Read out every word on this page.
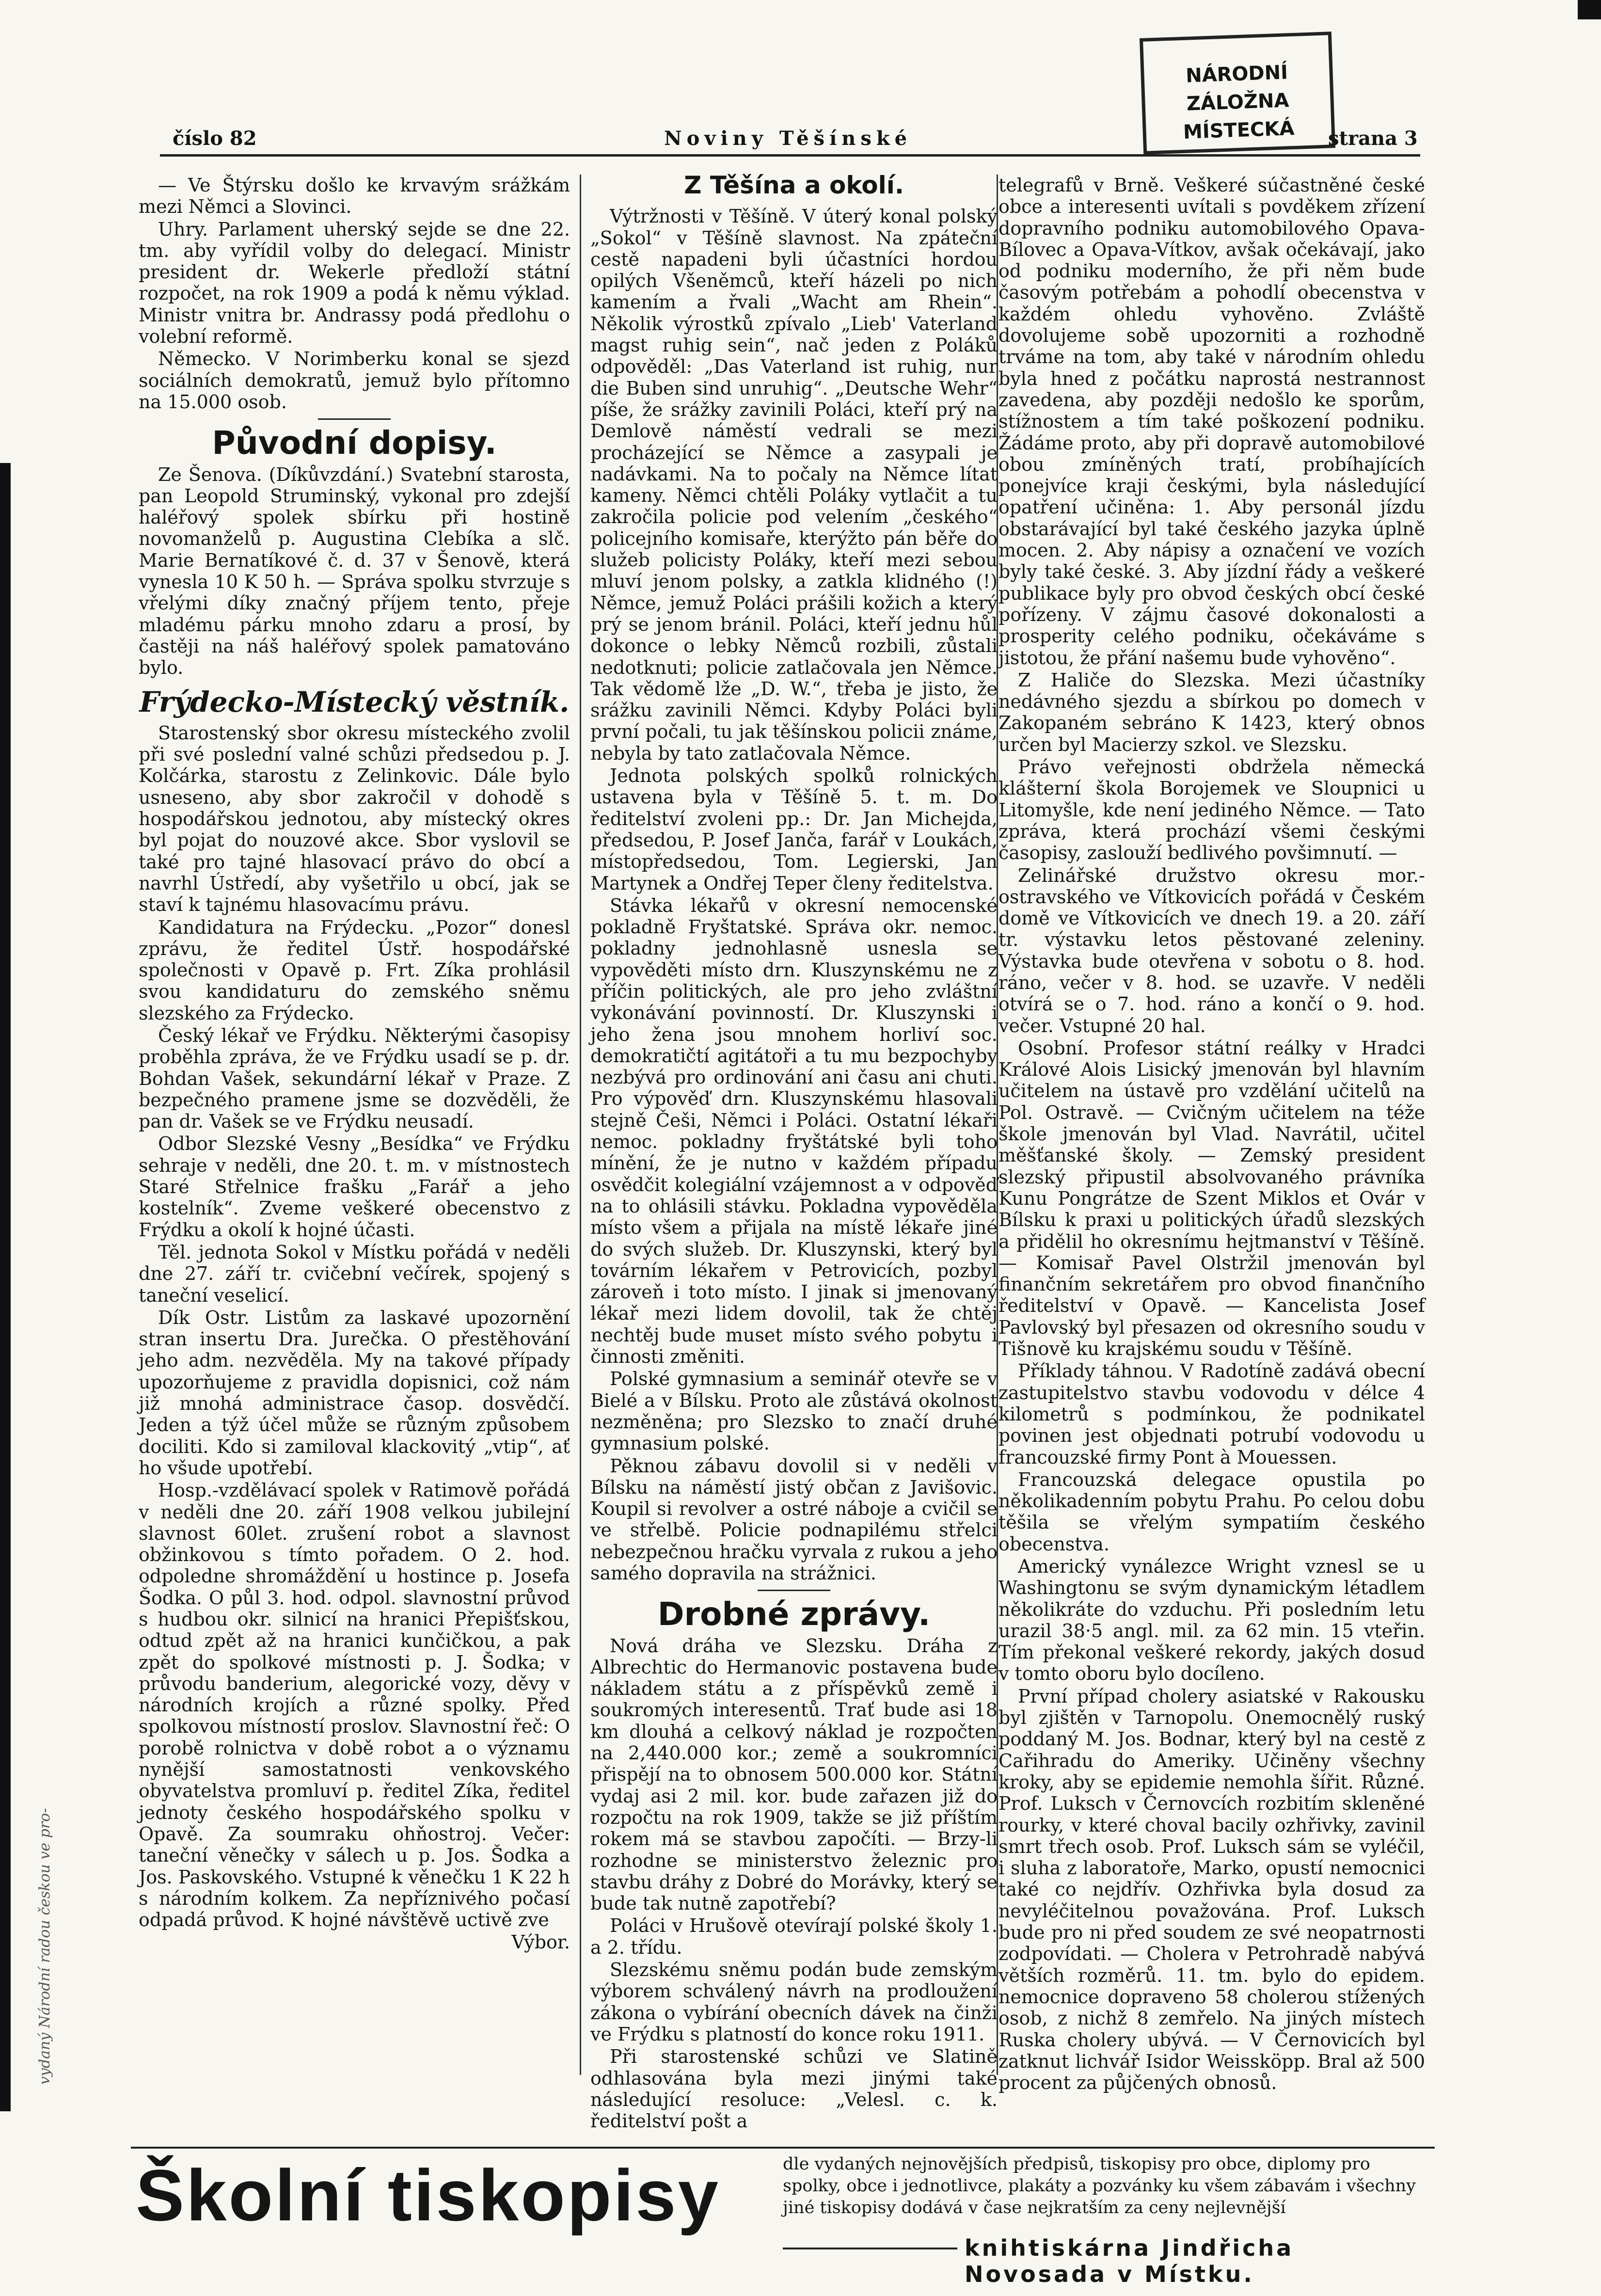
vydaný Národní radou českou ve pro-
NÁRODNÍ ZÁLOŽNA
MÍSTECKÁ
číslo 82	Noviny Těšínské	strana 3

— Ve Štýrsku došlo ke krvavým srážkám mezi Němci a Slovinci.

Uhry. Parlament uherský sejde se dne 22. tm. aby vyřídil volby do delegací. Ministr president dr. Wekerle předloží státní rozpočet, na rok 1909 a podá k němu výklad. Ministr vnitra br. Andrassy podá předlohu o volební reformě.

Německo. V Norimberku konal se sjezd sociálních demokratů, jemuž bylo přítomno na 15.000 osob.

Původní dopisy.

Ze Šenova. (Díkůvzdání.) Svatební starosta, pan Leopold Struminský, vykonal pro zdejší haléřový spolek sbírku při hostině novomanželů p. Augustina Clebíka a slč. Marie Bernatíkové č. d. 37 v Šenově, která vynesla 10 K 50 h. — Správa spolku stvrzuje s vřelými díky značný příjem tento, přeje mladému párku mnoho zdaru a prosí, by častěji na náš haléřový spolek pamatováno bylo.

Frýdecko-Místecký věstník.

Starostenský sbor okresu místeckého zvolil při své poslední valné schůzi předsedou p. J. Kolčárka, starostu z Zelinkovic. Dále bylo usneseno, aby sbor zakročil v dohodě s hospodářskou jednotou, aby místecký okres byl pojat do nouzové akce. Sbor vyslovil se také pro tajné hlasovací právo do obcí a navrhl Ústředí, aby vyšetřilo u obcí, jak se staví k tajnému hlasovacímu právu.

Kandidatura na Frýdecku. „Pozor“ donesl zprávu, že ředitel Ústř. hospodářské společnosti v Opavě p. Frt. Zíka prohlásil svou kandidaturu do zemského sněmu slezského za Frýdecko.

Český lékař ve Frýdku. Některými časopisy proběhla zpráva, že ve Frýdku usadí se p. dr. Bohdan Vašek, sekundární lékař v Praze. Z bezpečného pramene jsme se dozvěděli, že pan dr. Vašek se ve Frýdku neusadí.

Odbor Slezské Vesny „Besídka“ ve Frýdku sehraje v neděli, dne 20. t. m. v místnostech Staré Střelnice frašku „Farář a jeho kostelník“. Zveme veškeré obecenstvo z Frýdku a okolí k hojné účasti.

Těl. jednota Sokol v Místku pořádá v neděli dne 27. září tr. cvičební večírek, spojený s taneční veselicí.

Dík Ostr. Listům za laskavé upozornění stran insertu Dra. Jurečka. O přestěhování jeho adm. nezvěděla. My na takové případy upozorňujeme z pravidla dopisnici, což nám již mnohá administrace časop. dosvědčí. Jeden a týž účel může se různým způsobem dociliti. Kdo si zamiloval klackovitý „vtip“, ať ho všude upotřebí.

Hosp.-vzdělávací spolek v Ratimově pořádá v neděli dne 20. září 1908 velkou jubilejní slavnost 60let. zrušení robot a slavnost obžinkovou s tímto pořadem. O 2. hod. odpoledne shromáždění u hostince p. Josefa Šodka. O půl 3. hod. odpol. slavnostní průvod s hudbou okr. silnicí na hranici Přepišťskou, odtud zpět až na hranici kunčičkou, a pak zpět do spolkové místnosti p. J. Šodka; v průvodu banderium, alegorické vozy, děvy v národních krojích a různé spolky. Před spolkovou místností proslov. Slavnostní řeč: O porobě rolnictva v době robot a o významu nynější samostatnosti venkovského obyvatelstva promluví p. ředitel Zíka, ředitel jednoty českého hospodářského spolku v Opavě. Za soumraku ohňostroj. Večer: taneční věnečky v sálech u p. Jos. Šodka a Jos. Paskovského. Vstupné k věnečku 1 K 22 h s národním kolkem. Za nepříznivého počasí odpadá průvod. K hojné návštěvě uctivě zve

Výbor.

Z Těšína a okolí.

Výtržnosti v Těšíně. V úterý konal polský „Sokol“ v Těšíně slavnost. Na zpáteční cestě napadeni byli účastníci hordou opilých Všeněmců, kteří házeli po nich kamením a řvali „Wacht am Rhein“. Několik výrostků zpívalo „Lieb' Vaterland magst ruhig sein“, nač jeden z Poláků odpověděl: „Das Vaterland ist ruhig, nur die Buben sind unruhig“. „Deutsche Wehr“ píše, že srážky zavinili Poláci, kteří prý na Demlově náměstí vedrali se mezi procházející se Němce a zasypali je nadávkami. Na to počaly na Němce lítat kameny. Němci chtěli Poláky vytlačit a tu zakročila policie pod velením „českého“ policejního komisaře, kterýžto pán běře do služeb policisty Poláky, kteří mezi sebou mluví jenom polsky, a zatkla klidného (!) Němce, jemuž Poláci prášili kožich a který prý se jenom bránil. Poláci, kteří jednu hůl dokonce o lebky Němců rozbili, zůstali nedotknuti; policie zatlačovala jen Němce. Tak vědomě lže „D. W.“, třeba je jisto, že srážku zavinili Němci. Kdyby Poláci byli první počali, tu jak těšínskou policii známe, nebyla by tato zatlačovala Němce.

Jednota polských spolků rolnických ustavena byla v Těšíně 5. t. m. Do ředitelství zvoleni pp.: Dr. Jan Michejda, předsedou, P. Josef Janča, farář v Loukách, místopředsedou, Tom. Legierski, Jan Martynek a Ondřej Teper členy ředitelstva.

Stávka lékařů v okresní nemocenské pokladně Fryštatské. Správa okr. nemoc. pokladny jednohlasně usnesla se vypověděti místo drn. Kluszynskému ne z příčin politických, ale pro jeho zvláštní vykonávání povinností. Dr. Kluszynski i jeho žena jsou mnohem horliví soc. demokratičtí agitátoři a tu mu bezpochyby nezbývá pro ordinování ani času ani chuti. Pro výpověď drn. Kluszynskému hlasovali stejně Češi, Němci i Poláci. Ostatní lékaři nemoc. pokladny fryštátské byli toho mínění, že je nutno v každém případu osvědčit kolegiální vzájemnost a v odpověď na to ohlásili stávku. Pokladna vypověděla místo všem a přijala na místě lékaře jiné do svých služeb. Dr. Kluszynski, který byl továrním lékařem v Petrovicích, pozbyl zároveň i toto místo. I jinak si jmenovaný lékař mezi lidem dovolil, tak že chtěj nechtěj bude muset místo svého pobytu i činnosti změniti.

Polské gymnasium a seminář otevře se v Bielé a v Bílsku. Proto ale zůstává okolnost nezměněna; pro Slezsko to značí druhé gymnasium polské.

Pěknou zábavu dovolil si v neděli v Bílsku na náměstí jistý občan z Javišovic. Koupil si revolver a ostré náboje a cvičil se ve střelbě. Policie podnapilému střelci nebezpečnou hračku vyrvala z rukou a jeho samého dopravila na strážnici.

Drobné zprávy.

Nová dráha ve Slezsku. Dráha z Albrechtic do Hermanovic postavena bude nákladem státu a z příspěvků země i soukromých interesentů. Trať bude asi 18 km dlouhá a celkový náklad je rozpočten na 2,440.000 kor.; země a soukromníci přispějí na to obnosem 500.000 kor. Státní vydaj asi 2 mil. kor. bude zařazen již do rozpočtu na rok 1909, takže se již příštím rokem má se stavbou započíti. — Brzy-li rozhodne se ministerstvo železnic pro stavbu dráhy z Dobré do Morávky, který se bude tak nutně zapotřebí?

Poláci v Hrušově otevírají polské školy 1. a 2. třídu.

Slezskému sněmu podán bude zemským výborem schválený návrh na prodloužení zákona o vybírání obecních dávek na činži ve Frýdku s platností do konce roku 1911.

Při starostenské schůzi ve Slatině odhlasována byla mezi jinými také následující resoluce: „Velesl. c. k. ředitelství pošt a

telegrafů v Brně. Veškeré súčastněné české obce a interesenti uvítali s povděkem zřízení dopravního podniku automobilového Opava-Bílovec a Opava-Vítkov, avšak očekávají, jako od podniku moderního, že při něm bude časovým potřebám a pohodlí obecenstva v každém ohledu vyhověno. Zvláště dovolujeme sobě upozorniti a rozhodně trváme na tom, aby také v národním ohledu byla hned z počátku naprostá nestrannost zavedena, aby později nedošlo ke sporům, stížnostem a tím také poškození podniku. Žádáme proto, aby při dopravě automobilové obou zmíněných tratí, probíhajících ponejvíce kraji českými, byla následující opatření učiněna: 1. Aby personál jízdu obstarávající byl také českého jazyka úplně mocen. 2. Aby nápisy a označení ve vozích byly také české. 3. Aby jízdní řády a veškeré publikace byly pro obvod českých obcí české pořízeny. V zájmu časové dokonalosti a prosperity celého podniku, očekáváme s jistotou, že přání našemu bude vyhověno“.

Z Haliče do Slezska. Mezi účastníky nedávného sjezdu a sbírkou po domech v Zakopaném sebráno K 1423, který obnos určen byl Macierzy szkol. ve Slezsku.

Právo veřejnosti obdržela německá klášterní škola Borojemek ve Sloupnici u Litomyšle, kde není jediného Němce. — Tato zpráva, která prochází všemi českými časopisy, zaslouží bedlivého povšimnutí. —

Zelinářské družstvo okresu mor.-ostravského ve Vítkovicích pořádá v Českém domě ve Vítkovicích ve dnech 19. a 20. září tr. výstavku letos pěstované zeleniny. Výstavka bude otevřena v sobotu o 8. hod. ráno, večer v 8. hod. se uzavře. V neděli otvírá se o 7. hod. ráno a končí o 9. hod. večer. Vstupné 20 hal.

Osobní. Profesor státní reálky v Hradci Králové Alois Lisický jmenován byl hlavním učitelem na ústavě pro vzdělání učitelů na Pol. Ostravě. — Cvičným učitelem na téže škole jmenován byl Vlad. Navrátil, učitel měšťanské školy. — Zemský president slezský připustil absolvovaného právníka Kunu Pongrátze de Szent Miklos et Ovár v Bílsku k praxi u politických úřadů slezských a přidělil ho okresnímu hejtmanství v Těšíně. — Komisař Pavel Olstržil jmenován byl finančním sekretářem pro obvod finančního ředitelství v Opavě. — Kancelista Josef Pavlovský byl přesazen od okresního soudu v Tišnově ku krajskému soudu v Těšíně.

Příklady táhnou. V Radotíně zadává obecní zastupitelstvo stavbu vodovodu v délce 4 kilometrů s podmínkou, že podnikatel povinen jest objednati potrubí vodovodu u francouzské firmy Pont à Mouessen.

Francouzská delegace opustila po několikadenním pobytu Prahu. Po celou dobu těšila se vřelým sympatiím českého obecenstva.

Americký vynálezce Wright vznesl se u Washingtonu se svým dynamickým létadlem několikráte do vzduchu. Při posledním letu urazil 38·5 angl. mil. za 62 min. 15 vteřin. Tím překonal veškeré rekordy, jakých dosud v tomto oboru bylo docíleno.

První případ cholery asiatské v Rakousku byl zjištěn v Tarnopolu. Onemocnělý ruský poddaný M. Jos. Bodnar, který byl na cestě z Cařihradu do Ameriky. Učiněny všechny kroky, aby se epidemie nemohla šířit. Různé. Prof. Luksch v Černovcích rozbitím skleněné rourky, v které choval bacily ozhřivky, zavinil smrt třech osob. Prof. Luksch sám se vyléčil, i sluha z laboratoře, Marko, opustí nemocnici také co nejdřív. Ozhřivka byla dosud za nevyléčitelnou považována. Prof. Luksch bude pro ni před soudem ze své neopatrnosti zodpovídati. — Cholera v Petrohradě nabývá větších rozměrů. 11. tm. bylo do epidem. nemocnice dopraveno 58 cholerou stížených osob, z nichž 8 zemřelo. Na jiných místech Ruska cholery ubývá. — V Černovicích byl zatknut lichvář Isidor Weissköpp. Bral až 500 procent za půjčených obnosů.

Školní tiskopisy	dle vydaných nejnovějších předpisů, tiskopisy pro obce, diplomy pro spolky, obce i jednotlivce, plakáty a pozvánky ku všem zábavám i všechny jiné tiskopisy dodává v čase nejkratším za ceny nejlevnější
knihtiskárna Jindřicha Novosada v Místku.
